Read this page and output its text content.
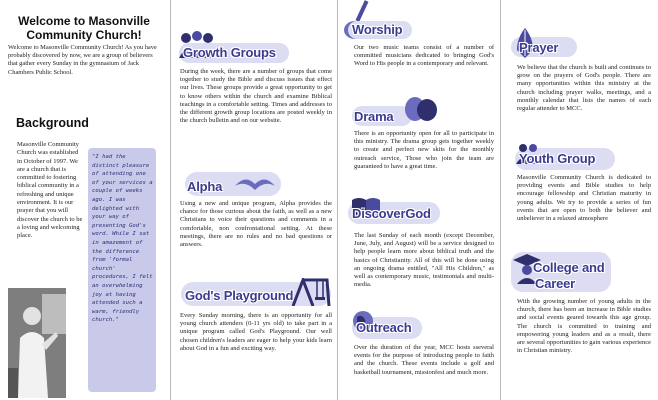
Welcome to Masonville Community Church!
Welcome to Masonville Community Church! As you have probably discovered by now, we are a group of believers that gather every Sunday in the gymnasium of Jack Chambers Public School.
Background
Masonville Community Church was established in October of 1997. We are a church that is committed to fostering biblical community in a refreshing and unique environment. It is our prayer that you will discover the church to be a loving and welcoming place.
"I had the distinct pleasure of attending one of your services a couple of weeks ago. I was delighted with your way of presenting God's word. While I sat in amazement of the difference from 'formal church' procedures, I felt an overwhelming joy at having attended such a warm, friendly church."
Growth Groups
During the week, there are a number of groups that come together to study the Bible and discuss issues that effect our lives. These groups provide a great opportunity to get to know others within the church and examine Biblical teachings in a comfortable setting. Times and addresses to the different growth group locations are posted weekly in the church bulletin and on our website.
Alpha
Using a new and unique program, Alpha provides the chance for those curious about the faith, as well as a new Christians to voice their questions and comments in a comfortable, non confrontational setting. At these meetings, there are no rules and no bad questions or answers.
God's Playground
Every Sunday morning, there is an opportunity for all young church attenders (0-11 yrs old) to take part in a unique program called God's Playground. Our well chosen children's leaders are eager to help your kids learn about God in a fun and exciting way.
Worship
Our two music teams consist of a number of committed musicians dedicated to bringing God's Word to His people in a contemporary and relevant.
Drama
There is an opportunity open for all to participate in this ministry. The drama group gets together weekly to create and perfect new skits for the monthly outreach service, Those who join the team are guaranteed to have a great time.
DiscoverGod
The last Sunday of each month (except December, June, July, and August) will be a service designed to help people learn more about biblical truth and the basics of Christianity. All of this will be done using an ongoing drama entitled, "All His Children," as well as contemporary music, testimonials and multi-media.
Outreach
Over the duration of the year, MCC hosts sseveral events for the purpose of introducing people to faith and the church. These events include a golf and basketball tournament, missionfest and much more.
Prayer
We believe that the church is built and continues to grow on the prayers of God's people. There are many opportunities within this ministry at the church including prayer walks, meetings, and a monthly calendar that lists the names of each regular attender to MCC.
Youth Group
Masonville Community Church is dedicated to providing events and Bible studies to help encourage fellowship and Christian maturity in young adults. We try to provide a series of fun events that are open to both the believer and unbeliever in a relaxed atmosphere
College and
Career
With the growing number of young adults in the church, there has been an increase in Bible studies and social events geared towards this age group. The church is committed to training and empowering young leaders and as a result, there are several opportunities to gain various experience in Christian ministry.
